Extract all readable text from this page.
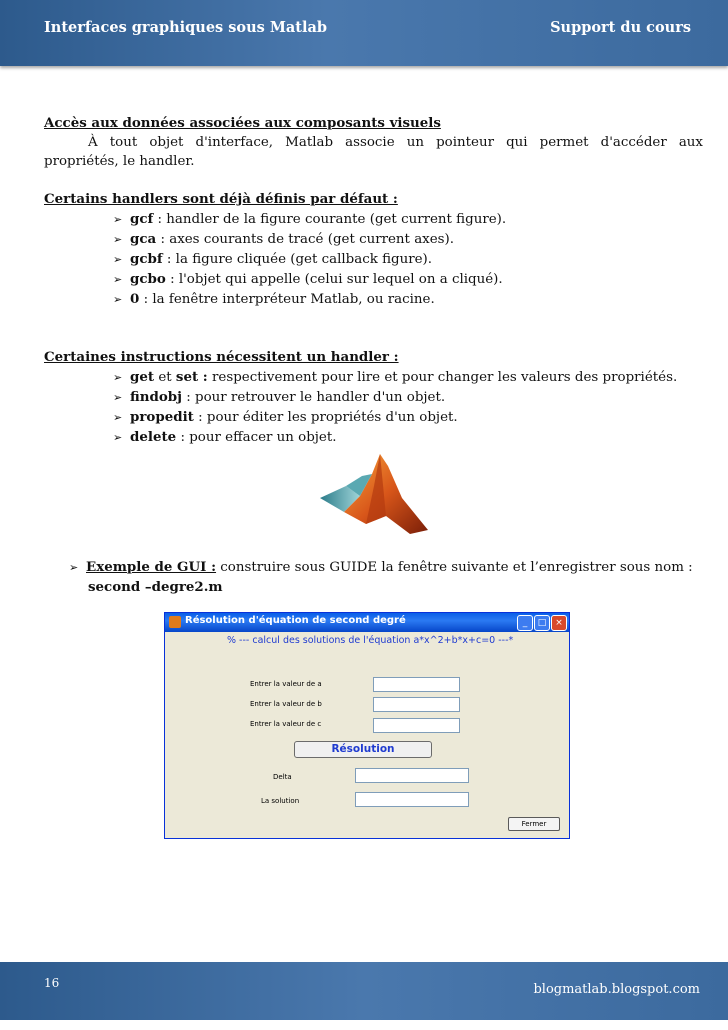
Interfaces graphiques sous Matlab	Support du cours
Accès aux données associées aux composants visuels
À tout objet d'interface, Matlab associe un pointeur qui permet d'accéder aux
propriétés, le handler.
Certains handlers sont déjà définis par défaut :
➢ gcf : handler de la figure courante (get current figure).
➢ gca : axes courants de tracé (get current axes).
➢ gcbf : la figure cliquée (get callback figure).
➢ gcbo : l'objet qui appelle (celui sur lequel on a cliqué).
➢ 0 : la fenêtre interpréteur Matlab, ou racine.
Certaines instructions nécessitent un handler :
➢ get et set : respectivement pour lire et pour changer les valeurs des propriétés.
➢ findobj : pour retrouver le handler d'un objet.
➢ propedit : pour éditer les propriétés d'un objet.
➢ delete : pour effacer un objet.
➢ Exemple de GUI : construire sous GUIDE la fenêtre suivante et l’enregistrer sous nom :
second –degre2.m
Résolution d'équation de second degré	_	□ ×
% --- calcul des solutions de l'équation a*x^2+b*x+c=0 ---*
Entrer la valeur de a
Entrer la valeur de b
Entrer la valeur de c
Résolution
Delta
La solution
Fermer
16	blogmatlab.blogspot.com
